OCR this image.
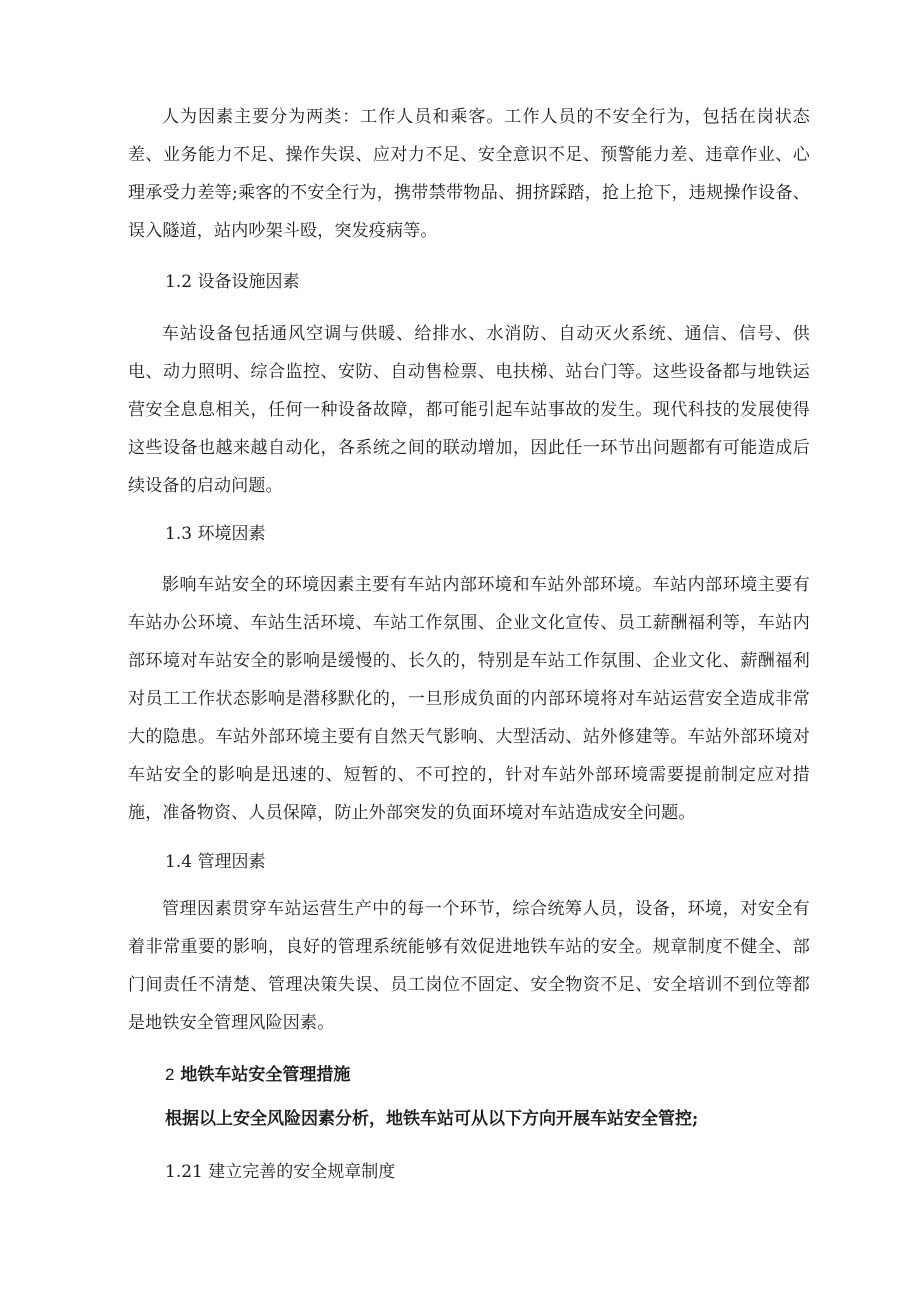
人为因素主要分为两类：工作人员和乘客。工作人员的不安全行为，包括在岗状态差、业务能力不足、操作失误、应对力不足、安全意识不足、预警能力差、违章作业、心理承受力差等;乘客的不安全行为，携带禁带物品、拥挤踩踏，抢上抢下，违规操作设备、误入隧道，站内吵架斗殴，突发疫病等。

1.2 设备设施因素

车站设备包括通风空调与供暖、给排水、水消防、自动灭火系统、通信、信号、供电、动力照明、综合监控、安防、自动售检票、电扶梯、站台门等。这些设备都与地铁运营安全息息相关，任何一种设备故障，都可能引起车站事故的发生。现代科技的发展使得这些设备也越来越自动化，各系统之间的联动增加，因此任一环节出问题都有可能造成后续设备的启动问题。

1.3 环境因素

影响车站安全的环境因素主要有车站内部环境和车站外部环境。车站内部环境主要有车站办公环境、车站生活环境、车站工作氛围、企业文化宣传、员工薪酬福利等，车站内部环境对车站安全的影响是缓慢的、长久的，特别是车站工作氛围、企业文化、薪酬福利对员工工作状态影响是潜移默化的，一旦形成负面的内部环境将对车站运营安全造成非常大的隐患。车站外部环境主要有自然天气影响、大型活动、站外修建等。车站外部环境对车站安全的影响是迅速的、短暂的、不可控的，针对车站外部环境需要提前制定应对措施，准备物资、人员保障，防止外部突发的负面环境对车站造成安全问题。

1.4 管理因素

管理因素贯穿车站运营生产中的每一个环节，综合统筹人员，设备，环境，对安全有着非常重要的影响，良好的管理系统能够有效促进地铁车站的安全。规章制度不健全、部门间责任不清楚、管理决策失误、员工岗位不固定、安全物资不足、安全培训不到位等都是地铁安全管理风险因素。

2 地铁车站安全管理措施

根据以上安全风险因素分析，地铁车站可从以下方向开展车站安全管控;

1.21 建立完善的安全规章制度
